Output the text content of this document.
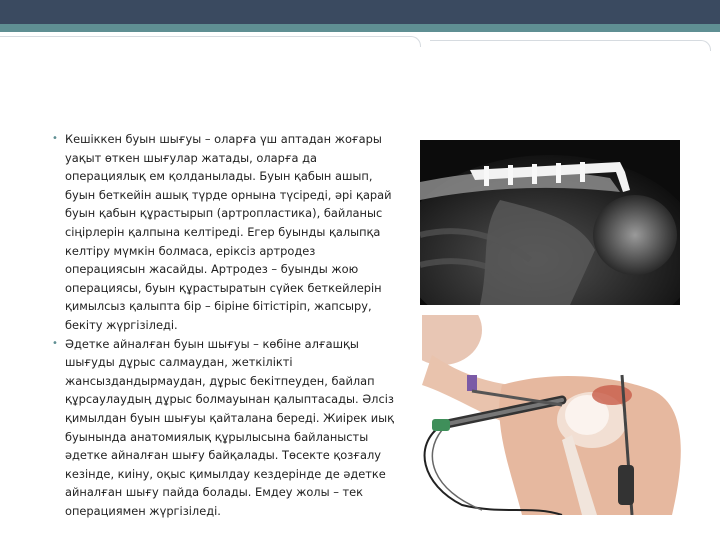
• Кешіккен буын шығуы – оларға үш аптадан жоғары уақыт өткен шығулар жатады, оларға да операциялық ем қолданылады. Буын қабын ашып, буын беткейін ашық түрде орнына түсіреді, әрі қарай буын қабын құрастырып (артропластика), байланыс сіңірлерін қалпына келтіреді. Егер буынды қалыпқа келтіру мүмкін болмаса, еріксіз артродез операциясын жасайды. Артродез – буынды жою операциясы, буын құрастыратын сүйек беткейлерін қимылсыз қалыпта бір – біріне бітістіріп, жапсыру, бекіту жүргізіледі.
• Әдетке айналған буын шығуы – көбіне алғашқы шығуды дұрыс салмаудан, жеткілікті жансыздандырмаудан, дұрыс бекітпеуден, байлап құрсаулаудың дұрыс болмауынан қалыптасады. Әлсіз қимылдан буын шығуы қайталана береді. Жиірек иық буынында анатомиялық құрылысына байланысты әдетке айналған шығу байқалады. Төсекте қозғалу кезінде, киіну, оқыс қимылдау кездерінде де әдетке айналған шығу пайда болады. Емдеу жолы – тек операциямен жүргізіледі.
